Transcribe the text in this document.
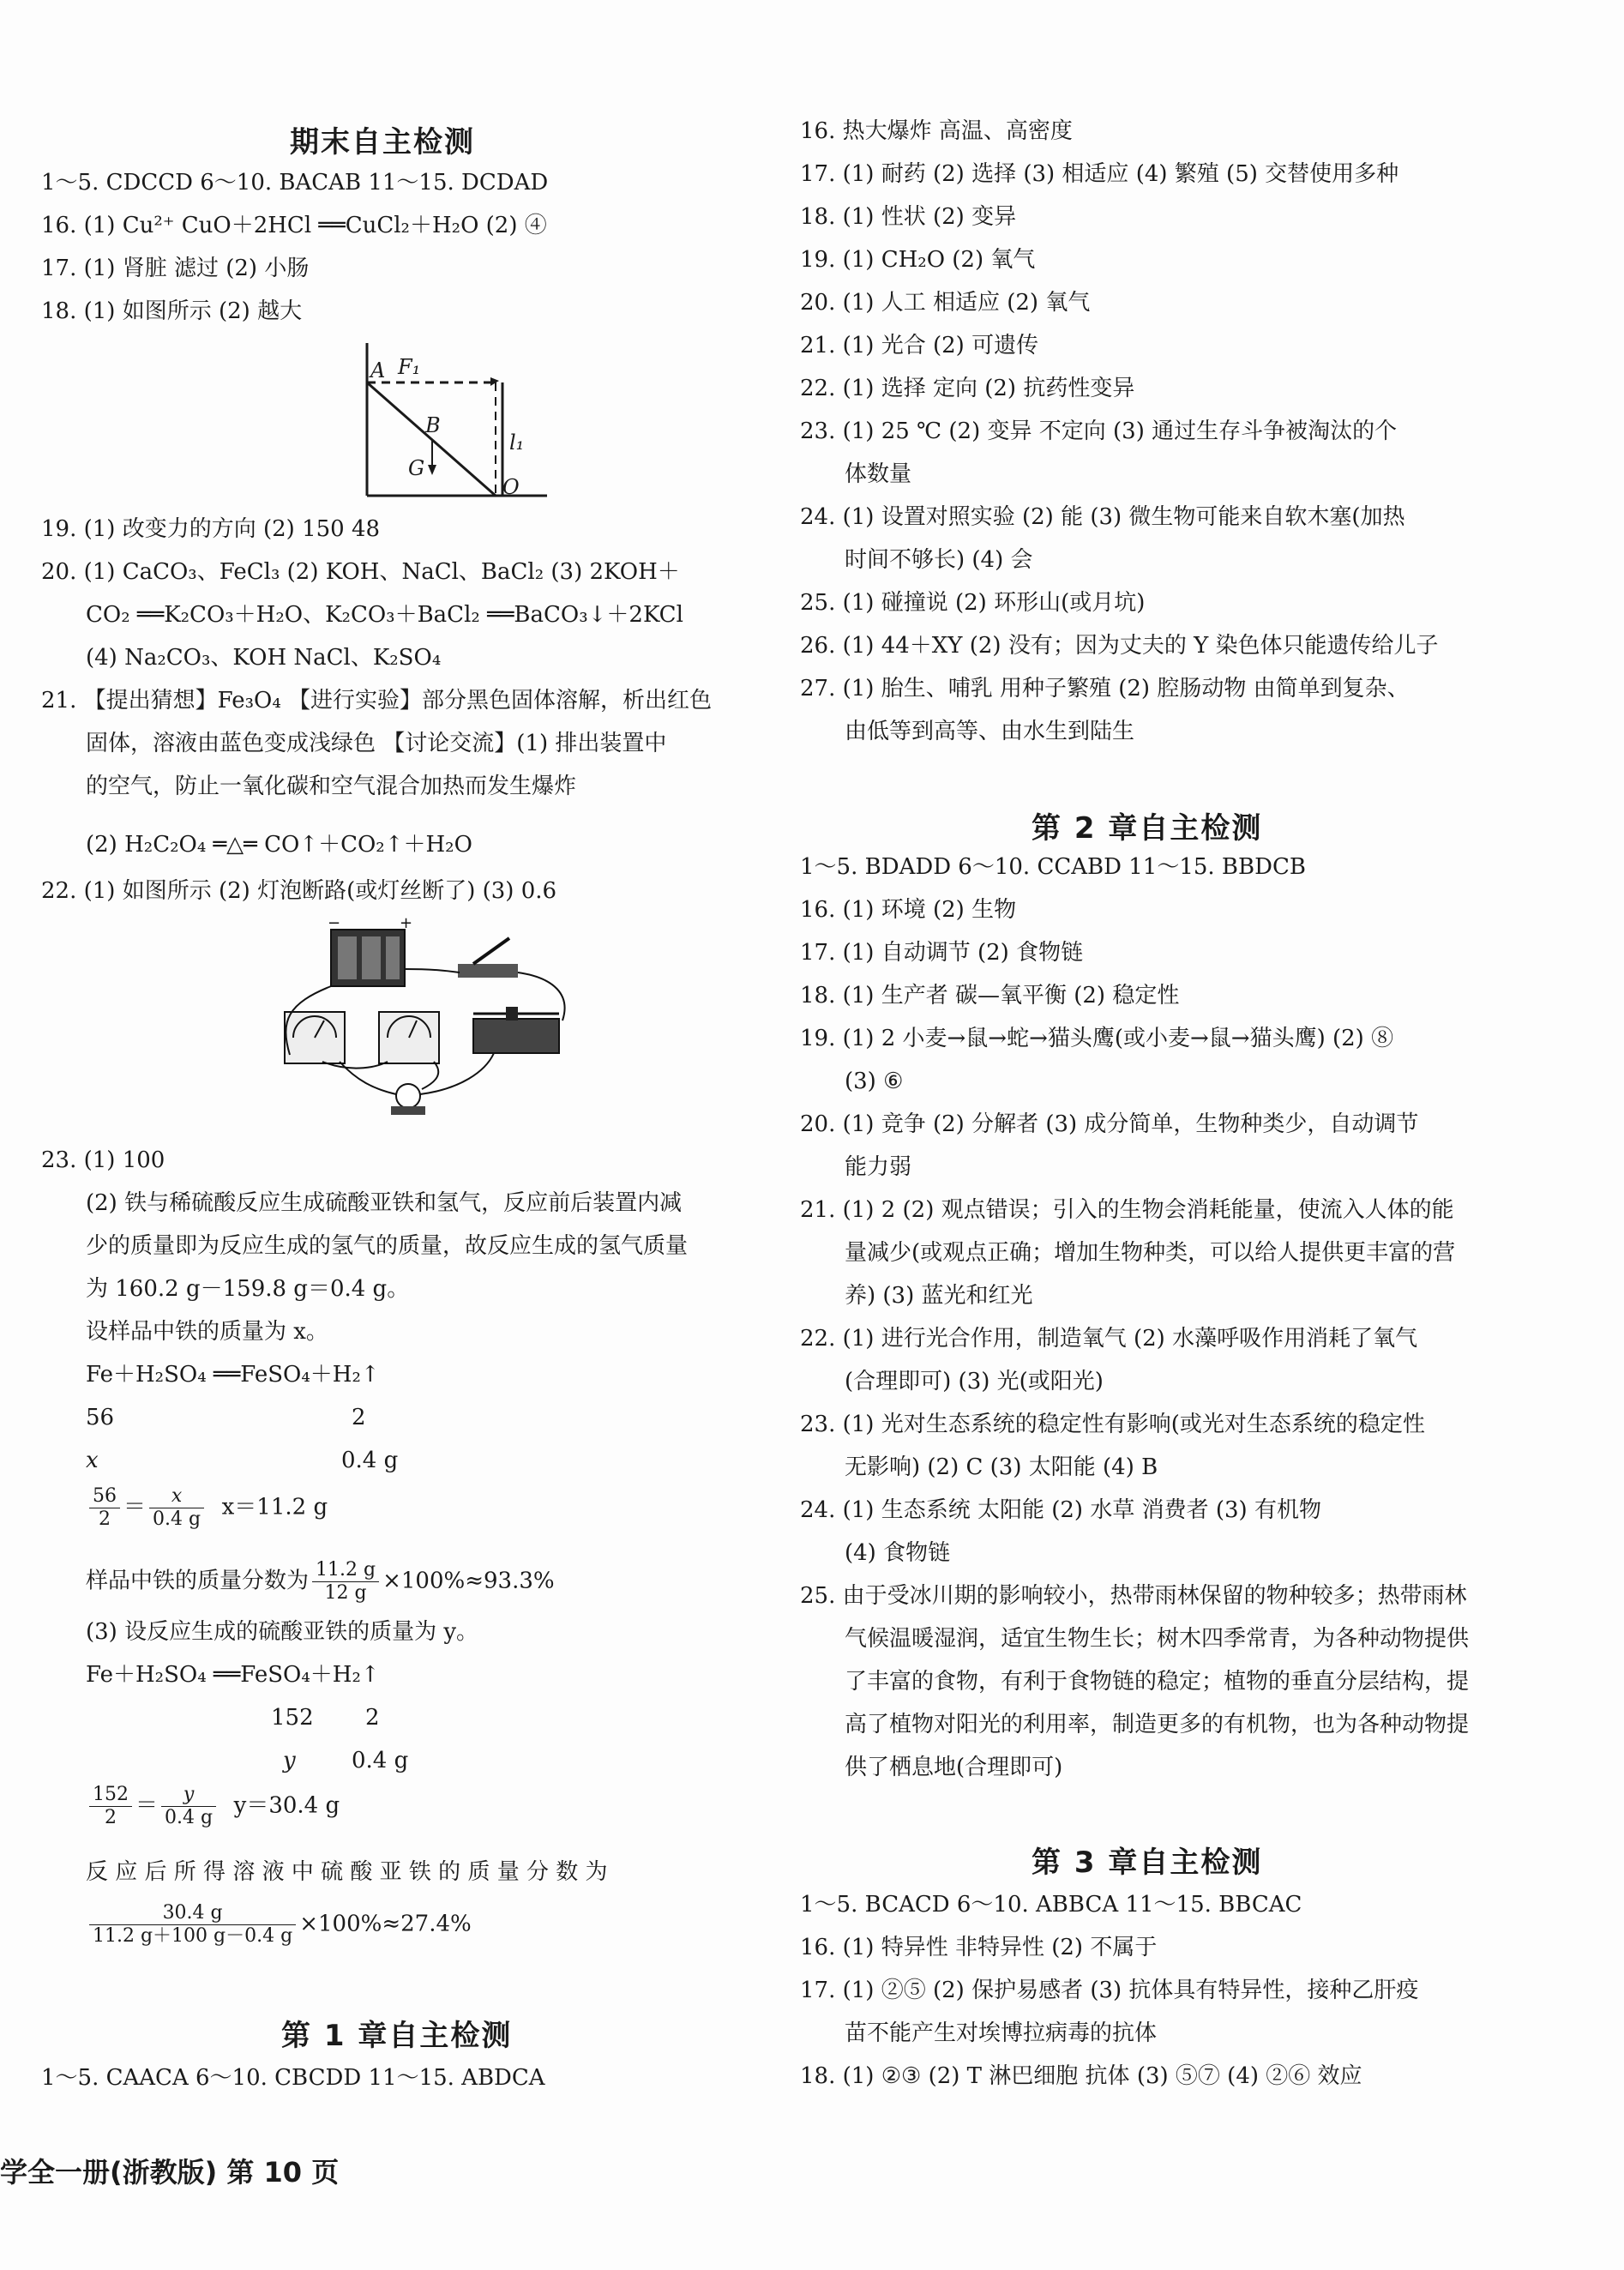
期末自主检测
1～5. CDCCD 6～10. BACAB 11～15. DCDAD
16. (1) Cu²⁺ CuO＋2HCl ══CuCl₂＋H₂O (2) ④
17. (1) 肾脏 滤过 (2) 小肠
18. (1) 如图所示 (2) 越大
A F₁
B
G
l₁
O
19. (1) 改变力的方向 (2) 150 48
20. (1) CaCO₃、FeCl₃ (2) KOH、NaCl、BaCl₂ (3) 2KOH＋
CO₂ ══K₂CO₃＋H₂O、K₂CO₃＋BaCl₂ ══BaCO₃↓＋2KCl
(4) Na₂CO₃、KOH NaCl、K₂SO₄
21. 【提出猜想】Fe₃O₄ 【进行实验】部分黑色固体溶解，析出红色
固体，溶液由蓝色变成浅绿色 【讨论交流】(1) 排出装置中
的空气，防止一氧化碳和空气混合加热而发生爆炸
(2) H₂C₂O₄ ═△═ CO↑＋CO₂↑＋H₂O
22. (1) 如图所示 (2) 灯泡断路(或灯丝断了) (3) 0.6
−	+
23. (1) 100
(2) 铁与稀硫酸反应生成硫酸亚铁和氢气，反应前后装置内减
少的质量即为反应生成的氢气的质量，故反应生成的氢气质量
为 160.2 g－159.8 g＝0.4 g。
设样品中铁的质量为 x。
Fe＋H₂SO₄ ══FeSO₄＋H₂↑
56	2
x	0.4 g
$\frac{56}{2} = \frac{x}{0.4 g} x=11.2$ g
样品中铁的质量分数为 $\frac{11.2 g}{12 g} \times 100\%\approx 93.3\%$
(3) 设反应生成的硫酸亚铁的质量为 y。
Fe＋H₂SO₄ ══FeSO₄＋H₂↑
152 2
y	0.4 g
$\frac{152}{2} = \frac{y}{0.4 g} y=30.4$ g
反 应 后 所 得 溶 液 中 硫 酸 亚 铁 的 质 量 分 数 为
$\frac{30.4 g}{11.2 g+100 g-0.4 g} \times 100\%\approx 27.4\%$
第 1 章自主检测
1～5. CAACA 6～10. CBCDD 11～15. ABDCA
16. 热大爆炸 高温、高密度
17. (1) 耐药 (2) 选择 (3) 相适应 (4) 繁殖 (5) 交替使用多种
18. (1) 性状 (2) 变异
19. (1) CH₂O (2) 氧气
20. (1) 人工 相适应 (2) 氧气
21. (1) 光合 (2) 可遗传
22. (1) 选择 定向 (2) 抗药性变异
23. (1) 25 ℃ (2) 变异 不定向 (3) 通过生存斗争被淘汰的个
体数量
24. (1) 设置对照实验 (2) 能 (3) 微生物可能来自软木塞(加热
时间不够长) (4) 会
25. (1) 碰撞说 (2) 环形山(或月坑)
26. (1) 44＋XY (2) 没有；因为丈夫的 Y 染色体只能遗传给儿子
27. (1) 胎生、哺乳 用种子繁殖 (2) 腔肠动物 由简单到复杂、
由低等到高等、由水生到陆生
第 2 章自主检测
1～5. BDADD 6～10. CCABD 11～15. BBDCB
16. (1) 环境 (2) 生物
17. (1) 自动调节 (2) 食物链
18. (1) 生产者 碳—氧平衡 (2) 稳定性
19. (1) 2 小麦→鼠→蛇→猫头鹰(或小麦→鼠→猫头鹰) (2) ⑧
(3) ⑥
20. (1) 竞争 (2) 分解者 (3) 成分简单，生物种类少，自动调节
能力弱
21. (1) 2 (2) 观点错误；引入的生物会消耗能量，使流入人体的能
量减少(或观点正确；增加生物种类，可以给人提供更丰富的营
养) (3) 蓝光和红光
22. (1) 进行光合作用，制造氧气 (2) 水藻呼吸作用消耗了氧气
(合理即可) (3) 光(或阳光)
23. (1) 光对生态系统的稳定性有影响(或光对生态系统的稳定性
无影响) (2) C (3) 太阳能 (4) B
24. (1) 生态系统 太阳能 (2) 水草 消费者 (3) 有机物
(4) 食物链
25. 由于受冰川期的影响较小，热带雨林保留的物种较多；热带雨林
气候温暖湿润，适宜生物生长；树木四季常青，为各种动物提供
了丰富的食物，有利于食物链的稳定；植物的垂直分层结构，提
高了植物对阳光的利用率，制造更多的有机物，也为各种动物提
供了栖息地(合理即可)
第 3 章自主检测
1～5. BCACD 6～10. ABBCA 11～15. BBCAC
16. (1) 特异性 非特异性 (2) 不属于
17. (1) ②⑤ (2) 保护易感者 (3) 抗体具有特异性，接种乙肝疫
苗不能产生对埃博拉病毒的抗体
18. (1) ②③ (2) T 淋巴细胞 抗体 (3) ⑤⑦ (4) ②⑥ 效应
学全一册(浙教版) 第 10 页
